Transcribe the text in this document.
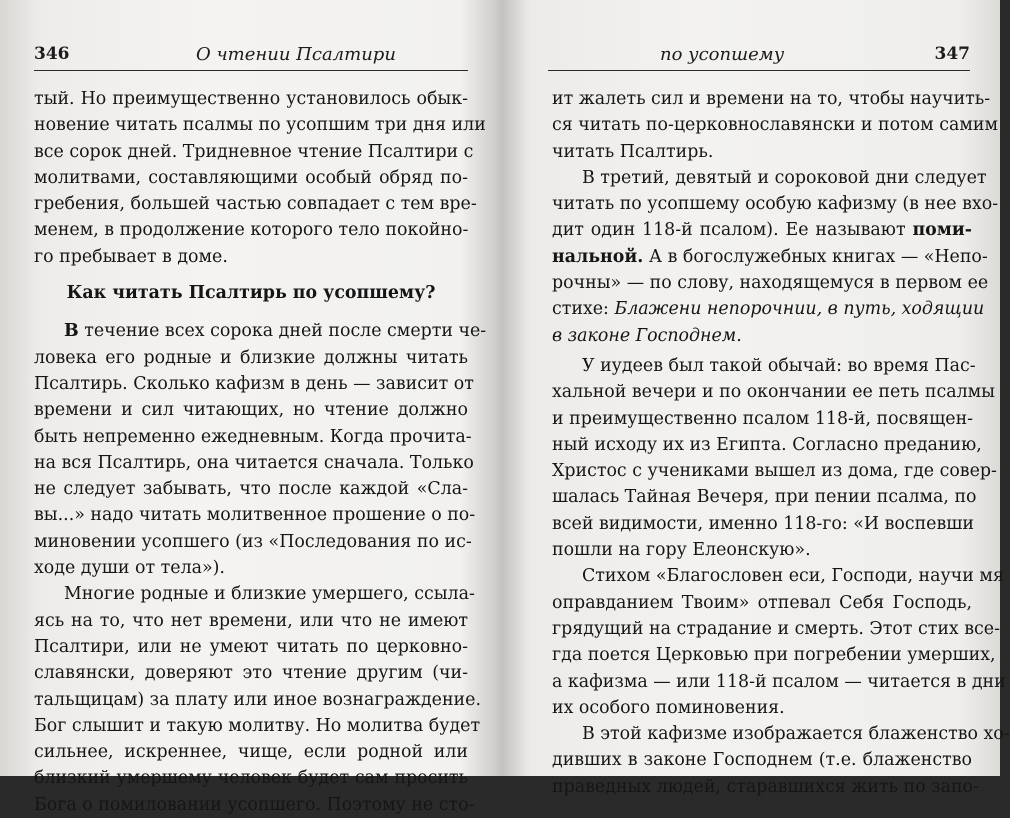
346	О чтении Псалтири
тый. Но преимущественно установилось обык-
новение читать псалмы по усопшим три дня или
все сорок дней. Тридневное чтение Псалтири с
молитвами, составляющими особый обряд по-
гребения, большей частью совпадает с тем вре-
менем, в продолжение которого тело покойно-
го пребывает в доме.
Как читать Псалтирь по усопшему?
В течение всех сорока дней после смерти че-
ловека его родные и близкие должны читать
Псалтирь. Сколько кафизм в день — зависит от
времени и сил читающих, но чтение должно
быть непременно ежедневным. Когда прочита-
на вся Псалтирь, она читается сначала. Только
не следует забывать, что после каждой «Сла-
вы...» надо читать молитвенное прошение о по-
миновении усопшего (из «Последования по ис-
ходе души от тела»).
Многие родные и близкие умершего, ссыла-
ясь на то, что нет времени, или что не имеют
Псалтири, или не умеют читать по церковно-
славянски, доверяют это чтение другим (чи-
тальщицам) за плату или иное вознаграждение.
Бог слышит и такую молитву. Но молитва будет
сильнее, искреннее, чище, если родной или
близкий умершему человек будет сам просить
Бога о помиловании усопшего. Поэтому не сто-
по усопшему	347
ит жалеть сил и времени на то, чтобы научить-
ся читать по-церковнославянски и потом самим
читать Псалтирь.
В третий, девятый и сороковой дни следует
читать по усопшему особую кафизму (в нее вхо-
дит один 118-й псалом). Ее называют поми-
нальной. А в богослужебных книгах — «Непо-
рочны» — по слову, находящемуся в первом ее
стихе: Блажени непорочнии, в путь, ходящии
в законе Господнем.
У иудеев был такой обычай: во время Пас-
хальной вечери и по окончании ее петь псалмы
и преимущественно псалом 118-й, посвящен-
ный исходу их из Египта. Согласно преданию,
Христос с учениками вышел из дома, где совер-
шалась Тайная Вечеря, при пении псалма, по
всей видимости, именно 118-го: «И воспевши
пошли на гору Елеонскую».
Стихом «Благословен еси, Господи, научи мя
оправданием Твоим» отпевал Себя Господь,
грядущий на страдание и смерть. Этот стих все-
гда поется Церковью при погребении умерших,
а кафизма — или 118-й псалом — читается в дни
их особого поминовения.
В этой кафизме изображается блаженство хо-
дивших в законе Господнем (т.е. блаженство
праведных людей, старавшихся жить по запо-
